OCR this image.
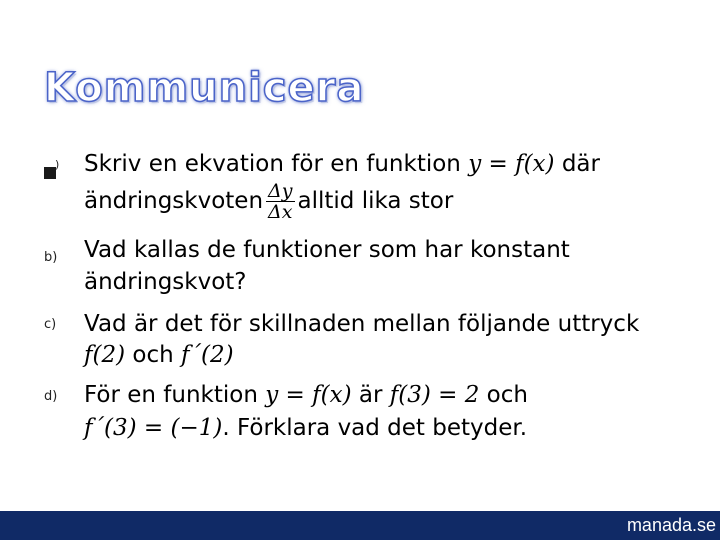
Kommunicera
) Skriv en ekvation för en funktion y = f(x) där
ändringskvoten $\frac{\Delta y}{\Delta x}$ alltid lika stor
b) Vad kallas de funktioner som har konstant
ändringskvot?
c) Vad är det för skillnaden mellan följande uttryck
f(2) och f´(2)
d) För en funktion y = f(x) är f(3) = 2 och
f´(3) = (−1). Förklara vad det betyder.
manada.se
